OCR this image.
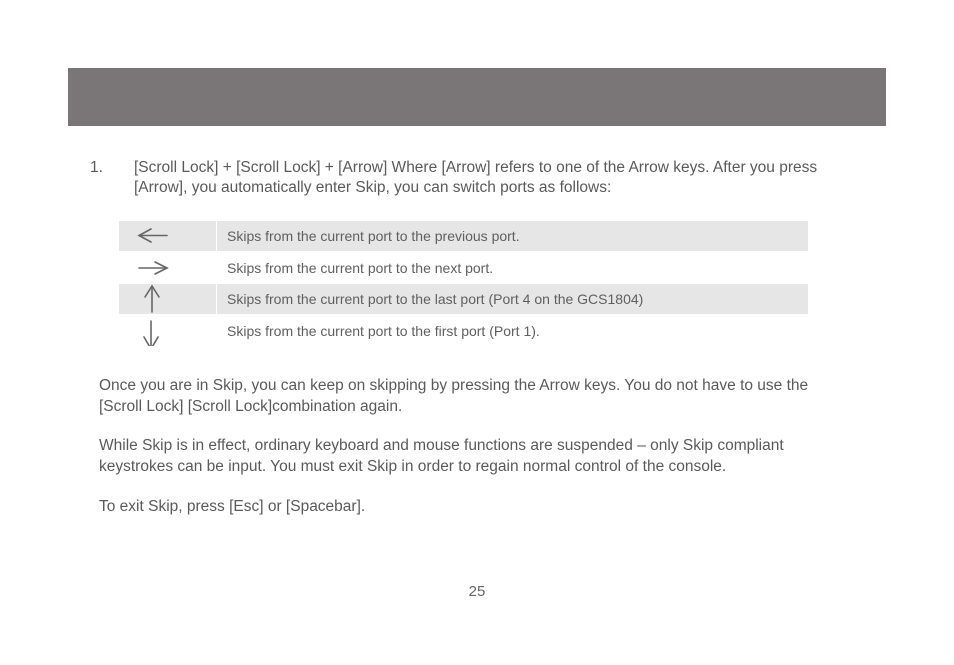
1. [Scroll Lock] + [Scroll Lock] + [Arrow] Where [Arrow] refers to one of the Arrow keys. After you press [Arrow], you automatically enter Skip, you can switch ports as follows:
Skips from the current port to the previous port.
Skips from the current port to the next port.
Skips from the current port to the last port (Port 4 on the GCS1804)
Skips from the current port to the first port (Port 1).
Once you are in Skip, you can keep on skipping by pressing the Arrow keys. You do not have to use the [Scroll Lock] [Scroll Lock]combination again.
While Skip is in effect, ordinary keyboard and mouse functions are suspended – only Skip compliant keystrokes can be input. You must exit Skip in order to regain normal control of the console.
To exit Skip, press [Esc] or [Spacebar].
25
